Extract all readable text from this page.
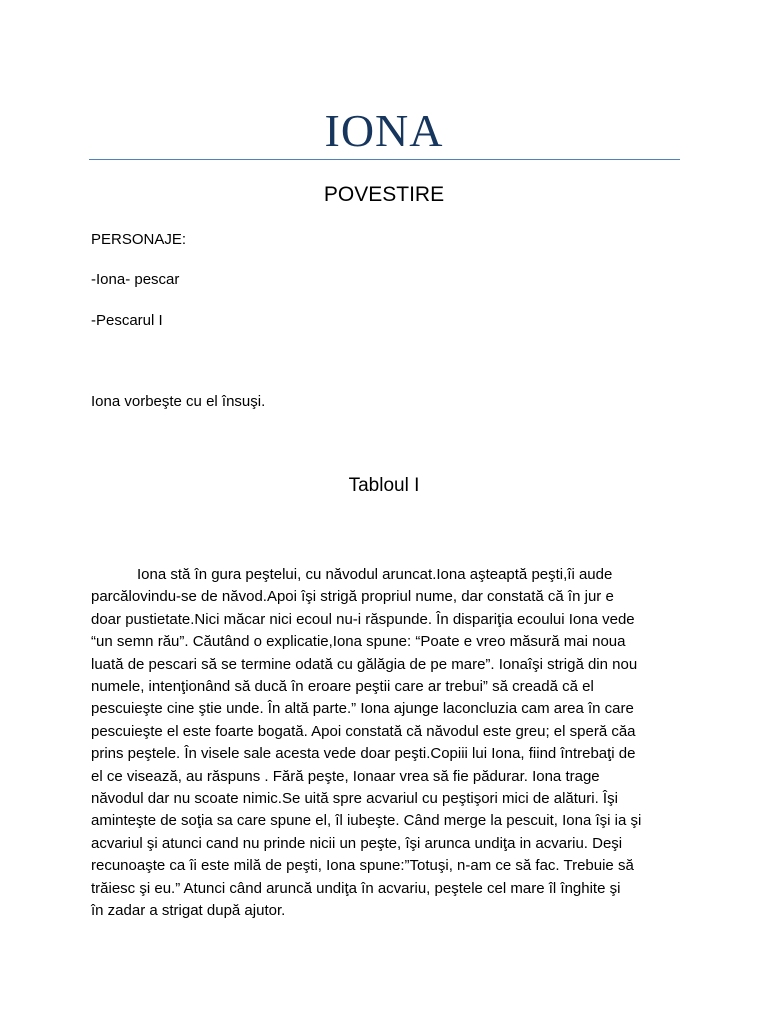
IONA
POVESTIRE
PERSONAJE:
-Iona- pescar
-Pescarul I
Iona vorbeşte cu el însuşi.
Tabloul I
Iona stă în gura peştelui, cu năvodul aruncat.Iona aşteaptă peşti,îi aude
parcălovindu-se de năvod.Apoi îşi strigă propriul nume, dar constată că în jur e
doar pustietate.Nici măcar nici ecoul nu-i răspunde. În dispariţia ecoului Iona vede
“un semn rău”. Căutând o explicatie,Iona spune: “Poate e vreo măsură mai noua
luată de pescari să se termine odată cu gălăgia de pe mare”. Ionaîşi strigă din nou
numele, intenţionând să ducă în eroare peştii care ar trebui” să creadă că el
pescuieşte cine ştie unde. În altă parte.” Iona ajunge laconcluzia cam area în care
pescuieşte el este foarte bogată. Apoi constată că năvodul este greu; el speră căa
prins peştele. În visele sale acesta vede doar peşti.Copiii lui Iona, fiind întrebaţi de
el ce visează, au răspuns . Fără peşte, Ionaar vrea să fie pădurar. Iona trage
năvodul dar nu scoate nimic.Se uită spre acvariul cu peştişori mici de alături. Îşi
aminteşte de soţia sa care spune el, îl iubeşte. Când merge la pescuit, Iona îşi ia şi
acvariul şi atunci cand nu prinde nicii un peşte, îşi arunca undiţa in acvariu. Deşi
recunoaşte ca îi este milă de peşti, Iona spune:”Totuşi, n-am ce să fac. Trebuie să
trăiesc şi eu.” Atunci când aruncă undiţa în acvariu, peştele cel mare îl înghite şi
în zadar a strigat după ajutor.
